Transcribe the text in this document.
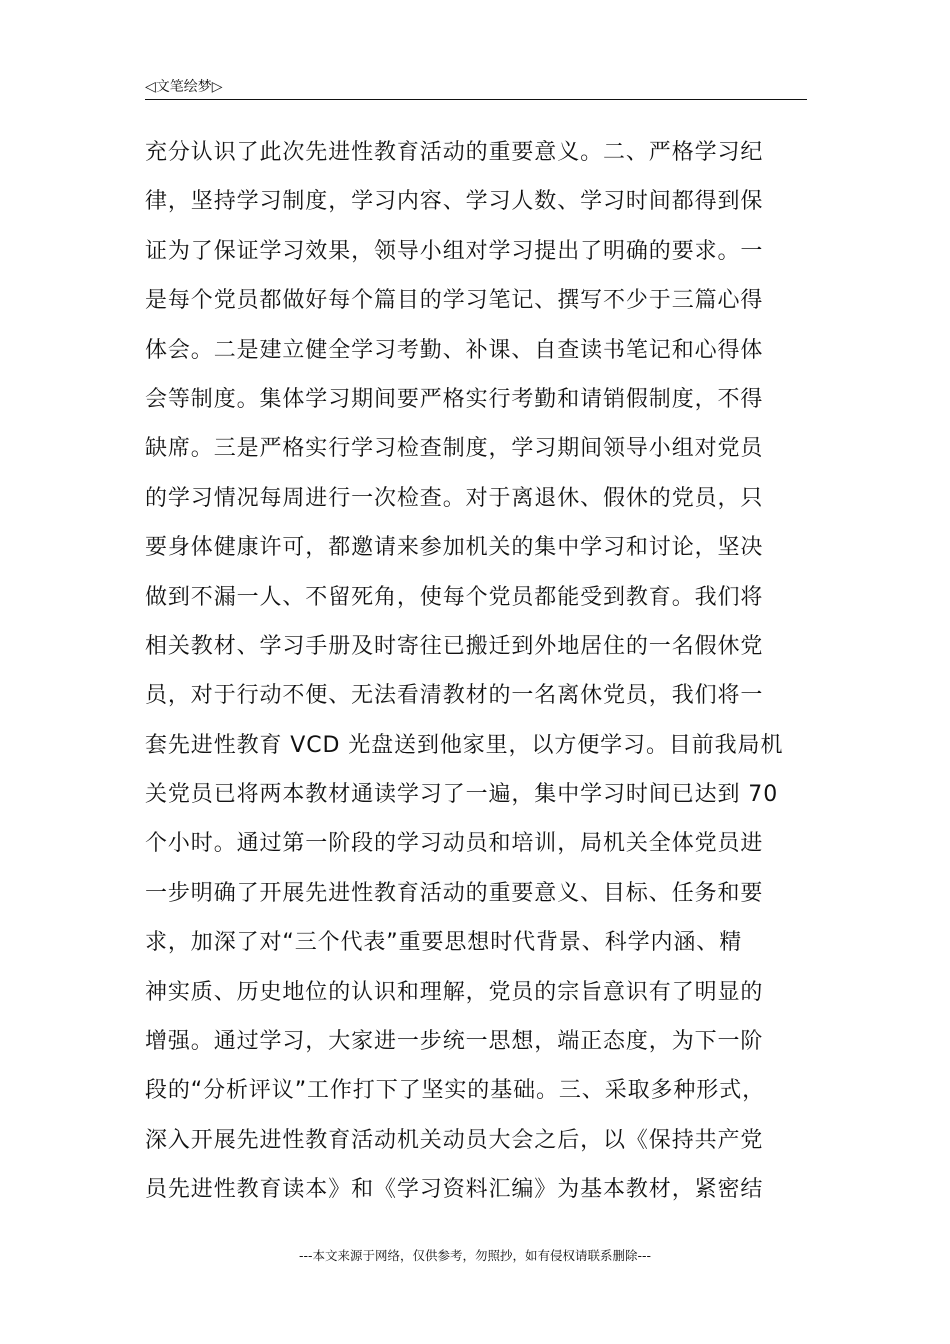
◁文笔绘梦▷
充分认识了此次先进性教育活动的重要意义。二、严格学习纪
律，坚持学习制度，学习内容、学习人数、学习时间都得到保
证为了保证学习效果，领导小组对学习提出了明确的要求。一
是每个党员都做好每个篇目的学习笔记、撰写不少于三篇心得
体会。二是建立健全学习考勤、补课、自查读书笔记和心得体
会等制度。集体学习期间要严格实行考勤和请销假制度，不得
缺席。三是严格实行学习检查制度，学习期间领导小组对党员
的学习情况每周进行一次检查。对于离退休、假休的党员，只
要身体健康许可，都邀请来参加机关的集中学习和讨论，坚决
做到不漏一人、不留死角，使每个党员都能受到教育。我们将
相关教材、学习手册及时寄往已搬迁到外地居住的一名假休党
员，对于行动不便、无法看清教材的一名离休党员，我们将一
套先进性教育 VCD 光盘送到他家里，以方便学习。目前我局机
关党员已将两本教材通读学习了一遍，集中学习时间已达到 70
个小时。通过第一阶段的学习动员和培训，局机关全体党员进
一步明确了开展先进性教育活动的重要意义、目标、任务和要
求，加深了对“三个代表”重要思想时代背景、科学内涵、精
神实质、历史地位的认识和理解，党员的宗旨意识有了明显的
增强。通过学习，大家进一步统一思想，端正态度，为下一阶
段的“分析评议”工作打下了坚实的基础。三、采取多种形式，
深入开展先进性教育活动机关动员大会之后，以《保持共产党
员先进性教育读本》和《学习资料汇编》为基本教材，紧密结
---本文来源于网络，仅供参考，勿照抄，如有侵权请联系删除---
